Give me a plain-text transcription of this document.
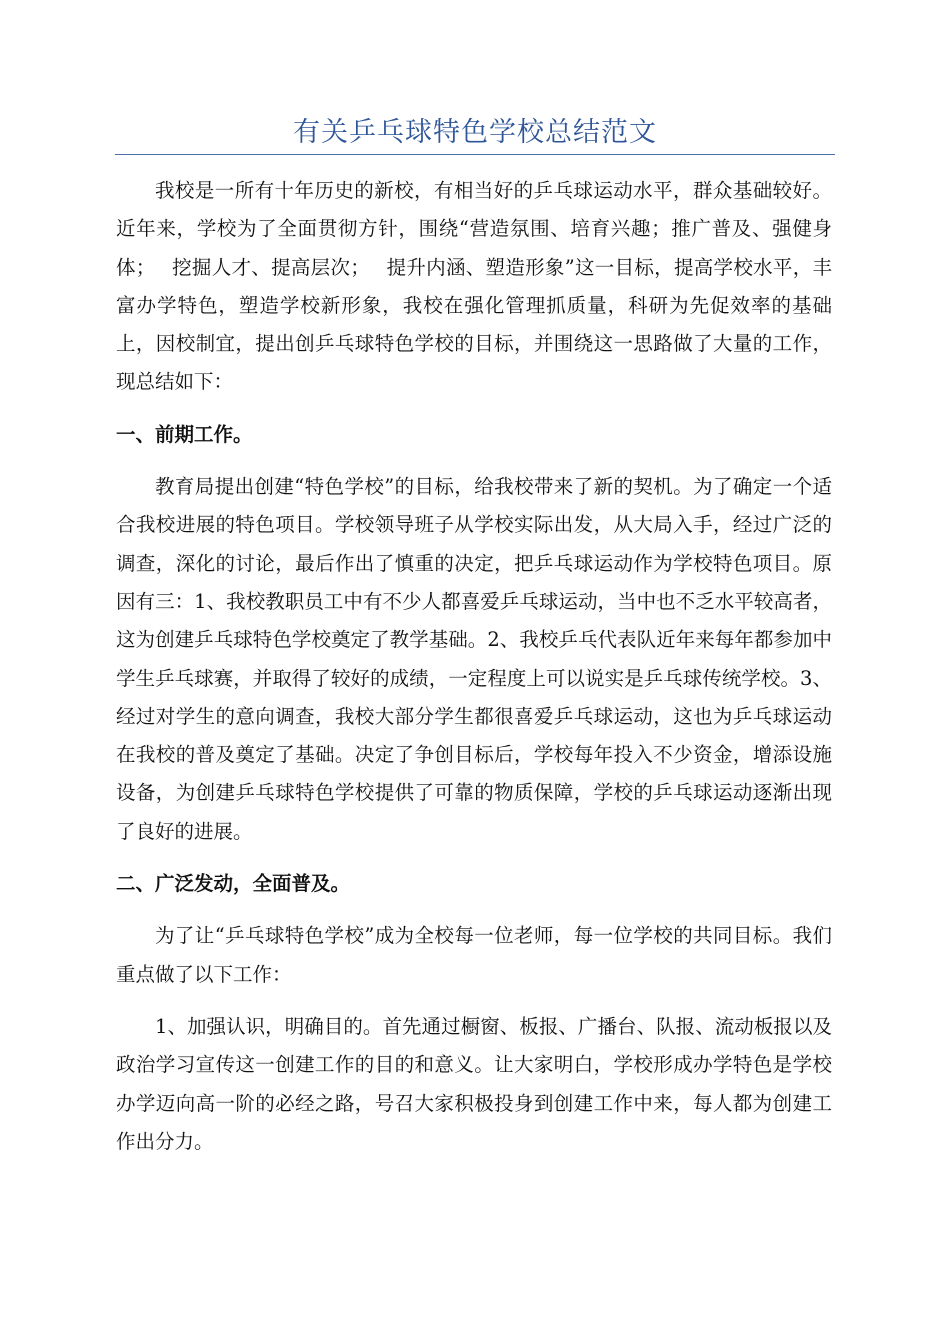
有关乒乓球特色学校总结范文

我校是一所有十年历史的新校，有相当好的乒乓球运动水平，群众基础较好。近年来，学校为了全面贯彻方针，围绕“营造氛围、培育兴趣；推广普及、强健身体；　 挖掘人才、提高层次；　 提升内涵、塑造形象”这一目标，提高学校水平，丰富办学特色，塑造学校新形象，我校在强化管理抓质量，科研为先促效率的基础上，因校制宜，提出创乒乓球特色学校的目标，并围绕这一思路做了大量的工作，现总结如下：

一、前期工作。

教育局提出创建“特色学校”的目标，给我校带来了新的契机。为了确定一个适合我校进展的特色项目。学校领导班子从学校实际出发，从大局入手，经过广泛的调查，深化的讨论，最后作出了慎重的决定，把乒乓球运动作为学校特色项目。原因有三：1、我校教职员工中有不少人都喜爱乒乓球运动，当中也不乏水平较高者，这为创建乒乓球特色学校奠定了教学基础。2、我校乒乓代表队近年来每年都参加中学生乒乓球赛，并取得了较好的成绩，一定程度上可以说实是乒乓球传统学校。3、经过对学生的意向调查，我校大部分学生都很喜爱乒乓球运动，这也为乒乓球运动在我校的普及奠定了基础。决定了争创目标后，学校每年投入不少资金，增添设施设备，为创建乒乓球特色学校提供了可靠的物质保障，学校的乒乓球运动逐渐出现了良好的进展。

二、广泛发动，全面普及。

为了让“乒乓球特色学校”成为全校每一位老师，每一位学校的共同目标。我们重点做了以下工作：

1、加强认识，明确目的。首先通过橱窗、板报、广播台、队报、流动板报以及政治学习宣传这一创建工作的目的和意义。让大家明白，学校形成办学特色是学校办学迈向高一阶的必经之路，号召大家积极投身到创建工作中来，每人都为创建工作出分力。
